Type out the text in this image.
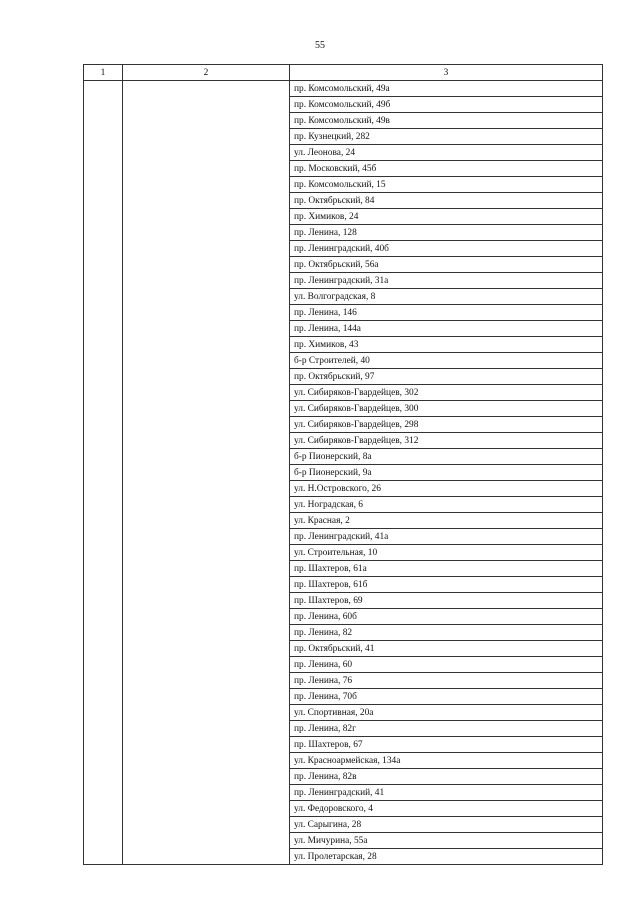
55
1	2	3
		пр. Комсомольский, 49а
		пр. Комсомольский, 49б
		пр. Комсомольский, 49в
		пр. Кузнецкий, 282
		ул. Леонова, 24
		пр. Московский, 45б
		пр. Комсомольский, 15
		пр. Октябрьский, 84
		пр. Химиков, 24
		пр. Ленина, 128
		пр. Ленинградский, 40б
		пр. Октябрьский, 56а
		пр. Ленинградский, 31а
		ул. Волгоградская, 8
		пр. Ленина, 146
		пр. Ленина, 144а
		пр. Химиков, 43
		б-р Строителей, 40
		пр. Октябрьский, 97
		ул. Сибиряков-Гвардейцев, 302
		ул. Сибиряков-Гвардейцев, 300
		ул. Сибиряков-Гвардейцев, 298
		ул. Сибиряков-Гвардейцев, 312
		б-р Пионерский, 8а
		б-р Пионерский, 9а
		ул. Н.Островского, 26
		ул. Ноградская, 6
		ул. Красная, 2
		пр. Ленинградский, 41а
		ул. Строительная, 10
		пр. Шахтеров, 61а
		пр. Шахтеров, 61б
		пр. Шахтеров, 69
		пр. Ленина, 60б
		пр. Ленина, 82
		пр. Октябрьский, 41
		пр. Ленина, 60
		пр. Ленина, 76
		пр. Ленина, 70б
		ул. Спортивная, 20а
		пр. Ленина, 82г
		пр. Шахтеров, 67
		ул. Красноармейская, 134а
		пр. Ленина, 82в
		пр. Ленинградский, 41
		ул. Федоровского, 4
		ул. Сарыгина, 28
		ул. Мичурина, 55а
		ул. Пролетарская, 28
